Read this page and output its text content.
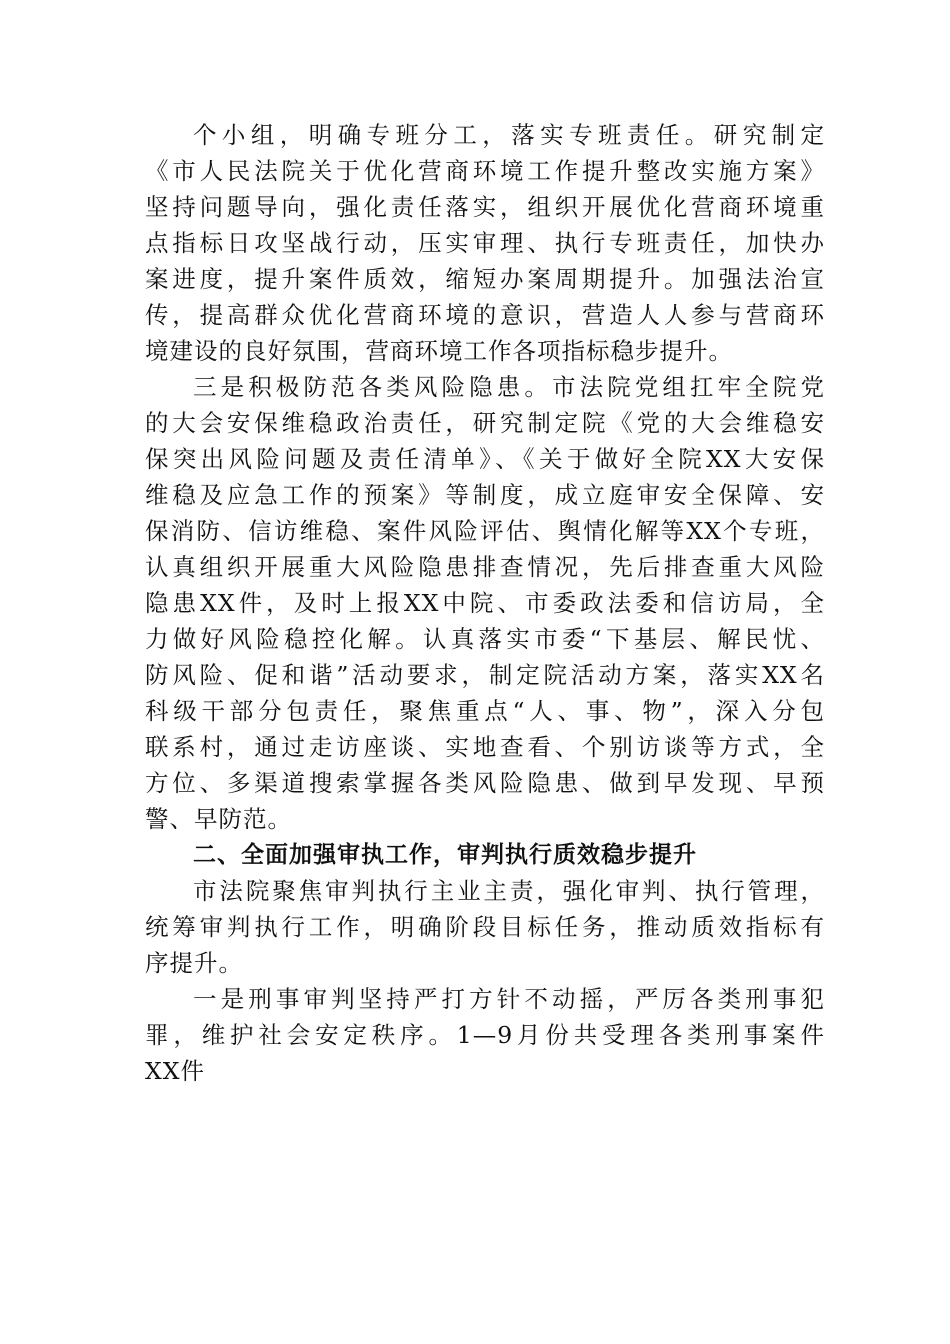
个小组，明确专班分工，落实专班责任。研究制定
《市人民法院关于优化营商环境工作提升整改实施方案》
坚持问题导向，强化责任落实，组织开展优化营商环境重
点指标日攻坚战行动，压实审理、执行专班责任，加快办
案进度，提升案件质效，缩短办案周期提升。加强法治宣
传，提高群众优化营商环境的意识，营造人人参与营商环
境建设的良好氛围，营商环境工作各项指标稳步提升。
三是积极防范各类风险隐患。市法院党组扛牢全院党
的大会安保维稳政治责任，研究制定院《党的大会维稳安
保突出风险问题及责任清单》、《关于做好全院XX大安保
维稳及应急工作的预案》等制度，成立庭审安全保障、安
保消防、信访维稳、案件风险评估、舆情化解等XX个专班，
认真组织开展重大风险隐患排查情况，先后排查重大风险
隐患XX件，及时上报XX中院、市委政法委和信访局，全
力做好风险稳控化解。认真落实市委“下基层、解民忧、
防风险、促和谐”活动要求，制定院活动方案，落实XX名
科级干部分包责任，聚焦重点“人、事、物”，深入分包
联系村，通过走访座谈、实地查看、个别访谈等方式，全
方位、多渠道搜索掌握各类风险隐患、做到早发现、早预
警、早防范。
二、全面加强审执工作，审判执行质效稳步提升
市法院聚焦审判执行主业主责，强化审判、执行管理，
统筹审判执行工作，明确阶段目标任务，推动质效指标有
序提升。
一是刑事审判坚持严打方针不动摇，严厉各类刑事犯
罪，维护社会安定秩序。1—9月份共受理各类刑事案件
XX件
